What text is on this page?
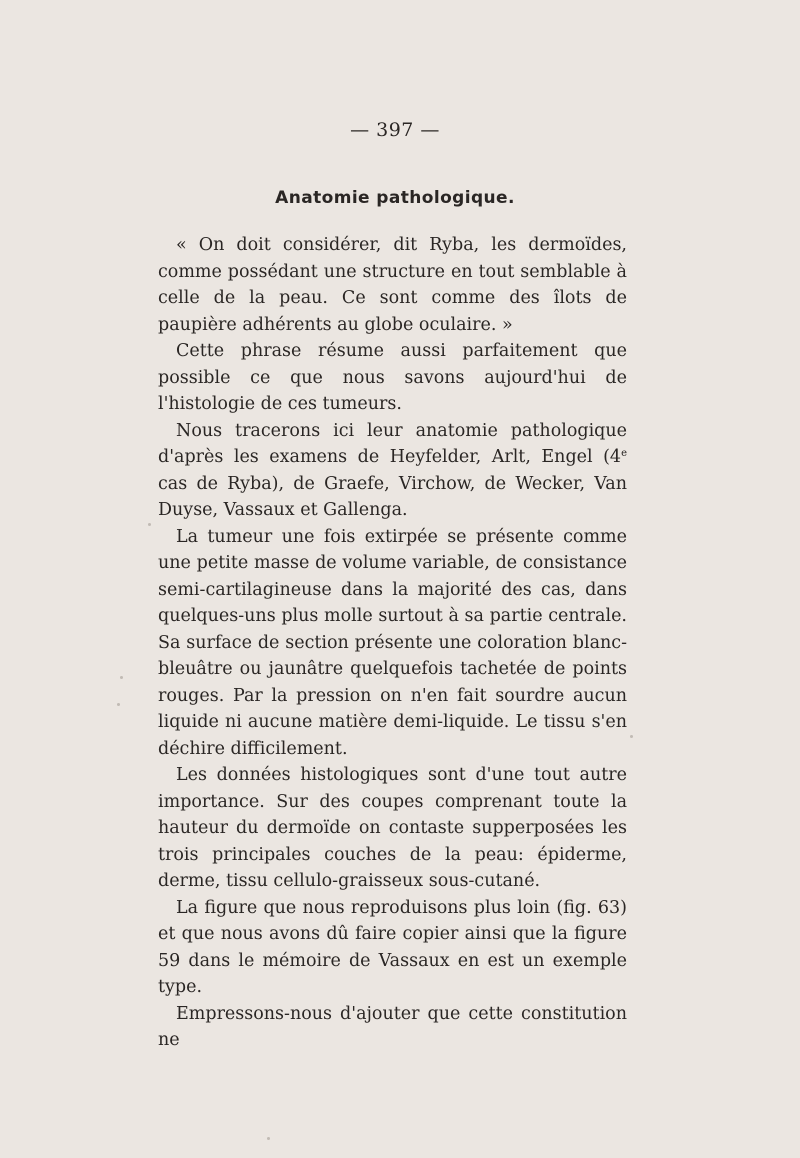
— 397 —
Anatomie pathologique.

« On doit considérer, dit Ryba, les dermoïdes, comme possédant une structure en tout semblable à celle de la peau. Ce sont comme des îlots de paupière adhérents au globe oculaire. »

Cette phrase résume aussi parfaitement que possible ce que nous savons aujourd'hui de l'histologie de ces tumeurs.

Nous tracerons ici leur anatomie pathologique d'après les examens de Heyfelder, Arlt, Engel (4e cas de Ryba), de Graefe, Virchow, de Wecker, Van Duyse, Vassaux et Gallenga.

La tumeur une fois extirpée se présente comme une petite masse de volume variable, de consistance semi-cartilagineuse dans la majorité des cas, dans quelques-uns plus molle surtout à sa partie centrale. Sa surface de section présente une coloration blanc-bleuâtre ou jaunâtre quelquefois tachetée de points rouges. Par la pression on n'en fait sourdre aucun liquide ni aucune matière demi-liquide. Le tissu s'en déchire difficilement.

Les données histologiques sont d'une tout autre importance. Sur des coupes comprenant toute la hauteur du dermoïde on contaste supperposées les trois principales couches de la peau: épiderme, derme, tissu cellulo-graisseux sous-cutané.

La figure que nous reproduisons plus loin (fig. 63) et que nous avons dû faire copier ainsi que la figure 59 dans le mémoire de Vassaux en est un exemple type.

Empressons-nous d'ajouter que cette constitution ne
